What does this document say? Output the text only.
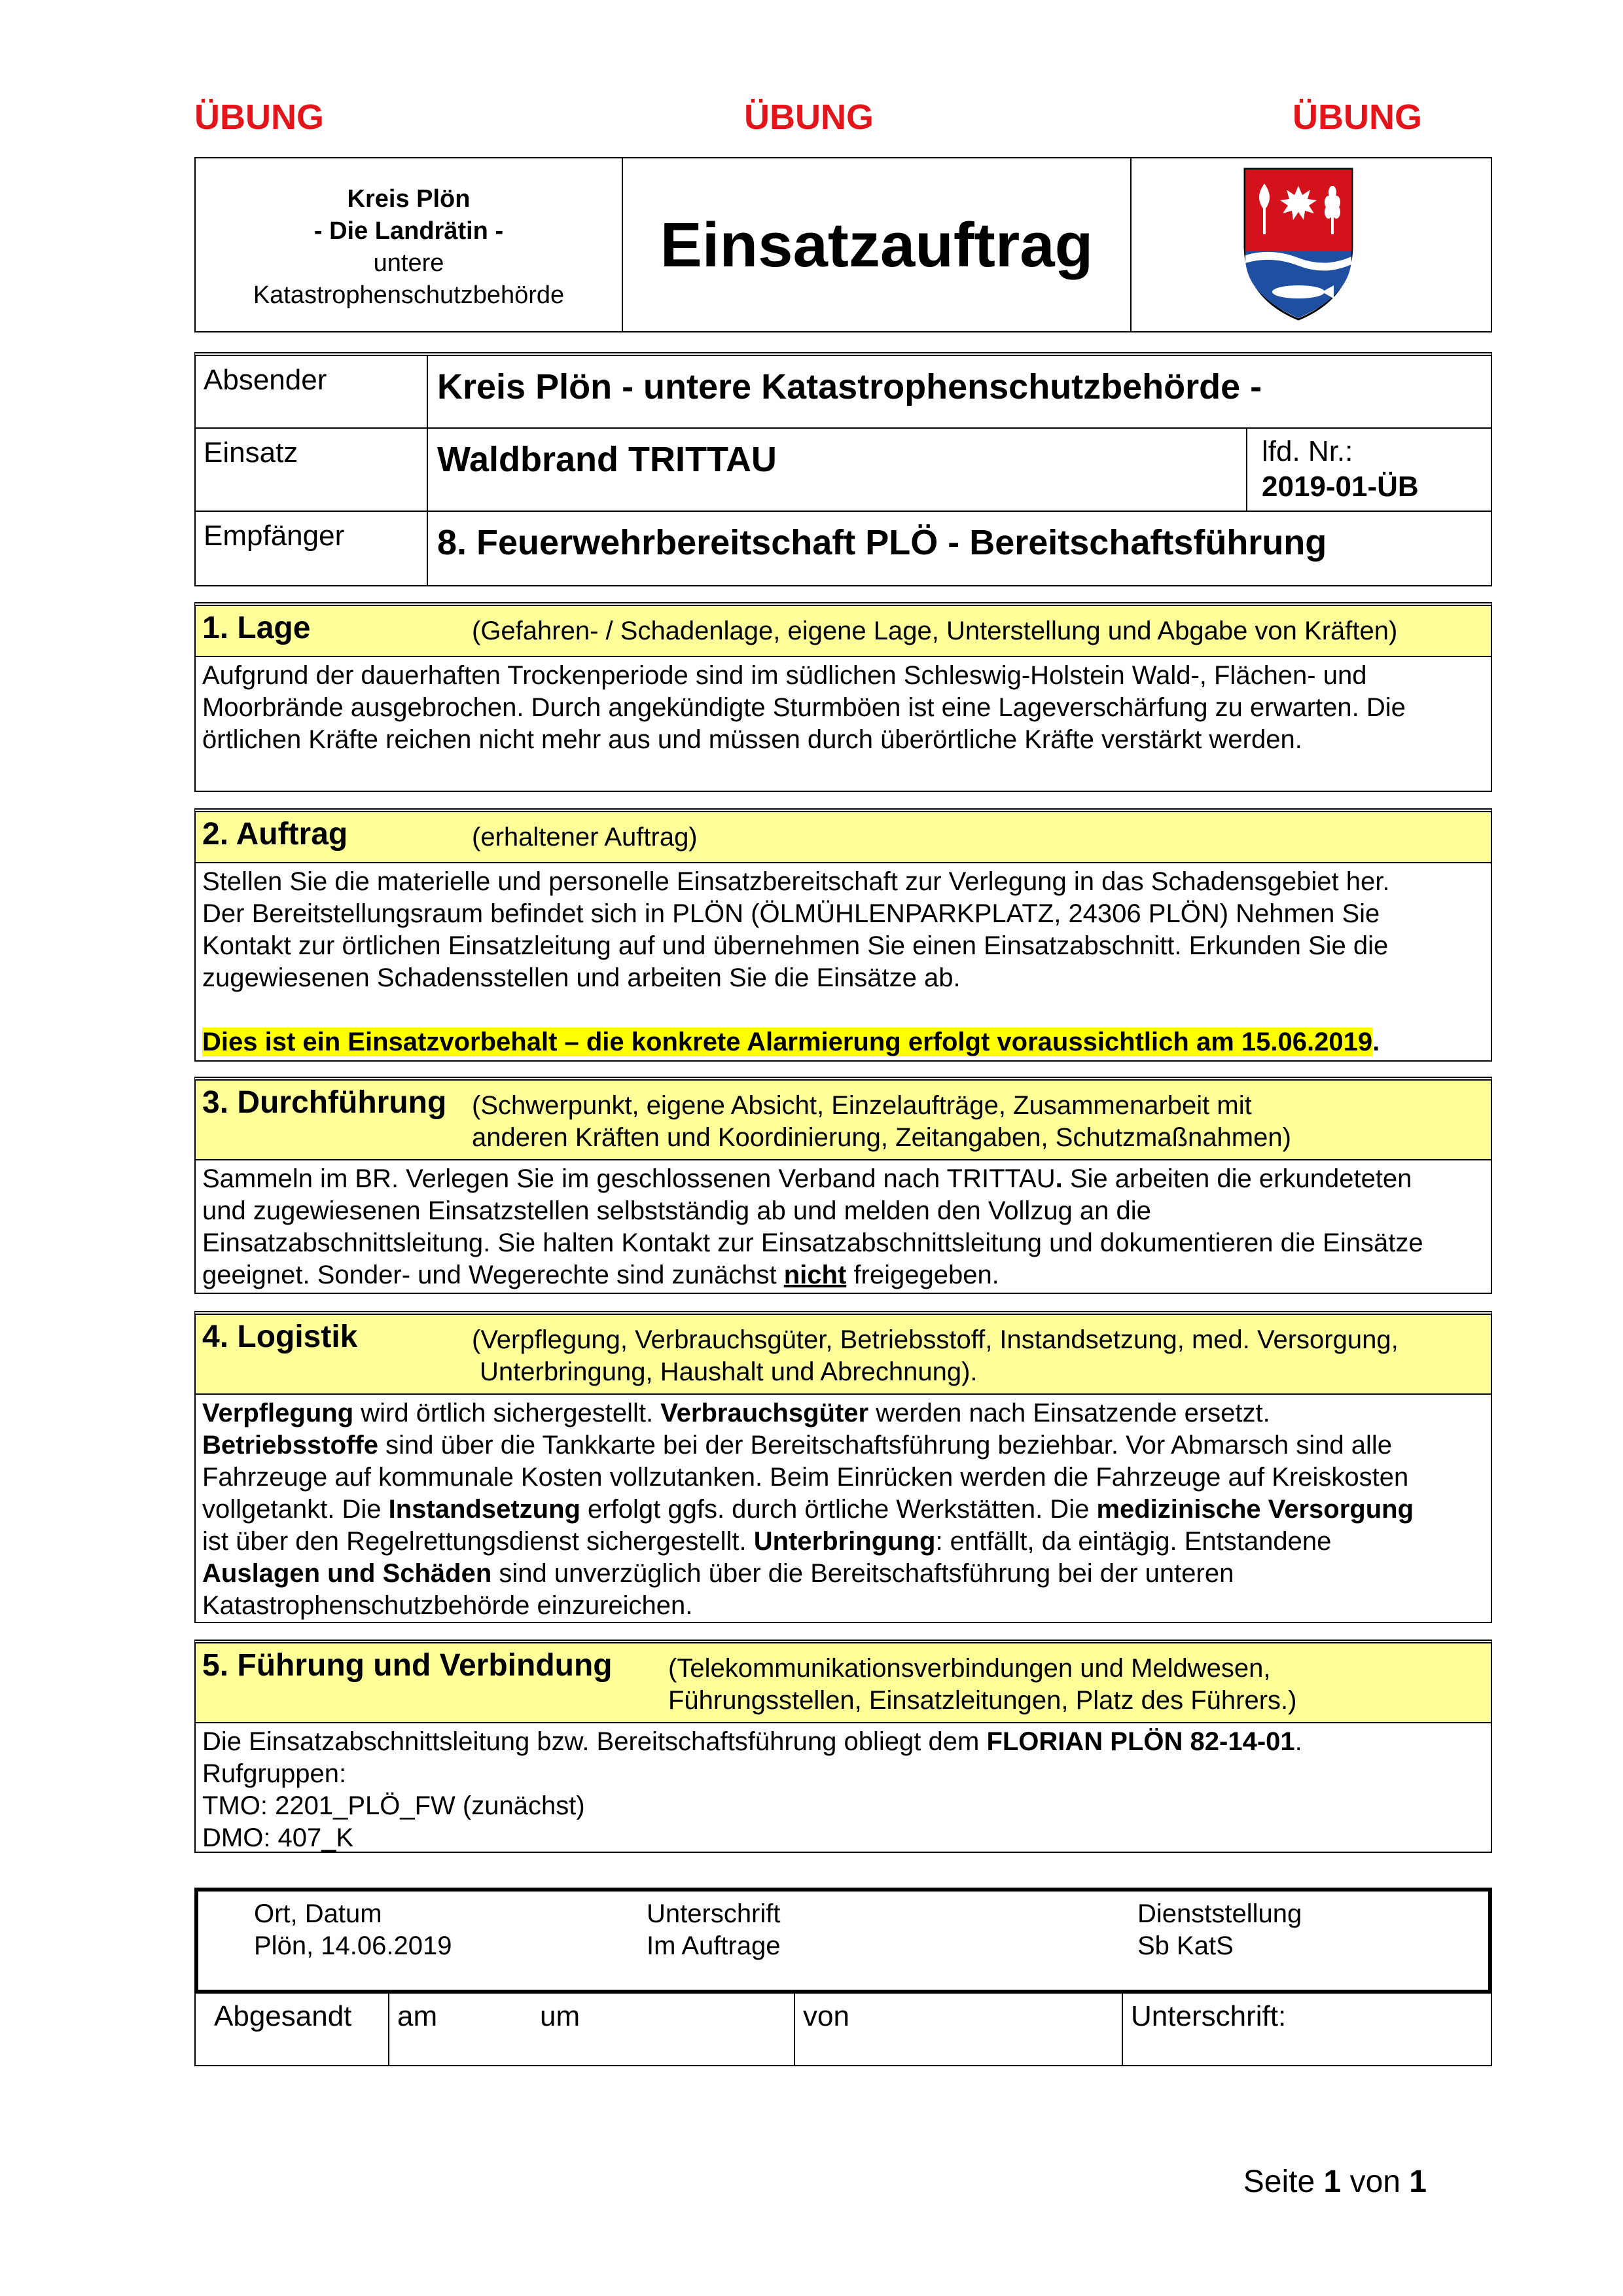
ÜBUNG	ÜBUNG	ÜBUNG
Kreis Plön
- Die Landrätin -
untere
Katastrophenschutzbehörde
Einsatzauftrag
Absender	Kreis Plön - untere Katastrophenschutzbehörde -
Einsatz	Waldbrand TRITTAU	lfd. Nr.:
2019-01-ÜB
Empfänger	8. Feuerwehrbereitschaft PLÖ - Bereitschaftsführung
1. Lage	(Gefahren- / Schadenlage, eigene Lage, Unterstellung und Abgabe von Kräften)
Aufgrund der dauerhaften Trockenperiode sind im südlichen Schleswig-Holstein Wald-, Flächen- und
Moorbrände ausgebrochen. Durch angekündigte Sturmböen ist eine Lageverschärfung zu erwarten. Die
örtlichen Kräfte reichen nicht mehr aus und müssen durch überörtliche Kräfte verstärkt werden.
2. Auftrag	(erhaltener Auftrag)
Stellen Sie die materielle und personelle Einsatzbereitschaft zur Verlegung in das Schadensgebiet her.
Der Bereitstellungsraum befindet sich in PLÖN (ÖLMÜHLENPARKPLATZ, 24306 PLÖN) Nehmen Sie
Kontakt zur örtlichen Einsatzleitung auf und übernehmen Sie einen Einsatzabschnitt. Erkunden Sie die
zugewiesenen Schadensstellen und arbeiten Sie die Einsätze ab.
Dies ist ein Einsatzvorbehalt – die konkrete Alarmierung erfolgt voraussichtlich am 15.06.2019.
3. Durchführung (Schwerpunkt, eigene Absicht, Einzelaufträge, Zusammenarbeit mit
anderen Kräften und Koordinierung, Zeitangaben, Schutzmaßnahmen)
Sammeln im BR. Verlegen Sie im geschlossenen Verband nach TRITTAU. Sie arbeiten die erkundeteten
und zugewiesenen Einsatzstellen selbstständig ab und melden den Vollzug an die
Einsatzabschnittsleitung. Sie halten Kontakt zur Einsatzabschnittsleitung und dokumentieren die Einsätze
geeignet. Sonder- und Wegerechte sind zunächst nicht freigegeben.
4. Logistik	(Verpflegung, Verbrauchsgüter, Betriebsstoff, Instandsetzung, med. Versorgung,
Unterbringung, Haushalt und Abrechnung).
Verpflegung wird örtlich sichergestellt. Verbrauchsgüter werden nach Einsatzende ersetzt.
Betriebsstoffe sind über die Tankkarte bei der Bereitschaftsführung beziehbar. Vor Abmarsch sind alle
Fahrzeuge auf kommunale Kosten vollzutanken. Beim Einrücken werden die Fahrzeuge auf Kreiskosten
vollgetankt. Die Instandsetzung erfolgt ggfs. durch örtliche Werkstätten. Die medizinische Versorgung
ist über den Regelrettungsdienst sichergestellt. Unterbringung: entfällt, da eintägig. Entstandene
Auslagen und Schäden sind unverzüglich über die Bereitschaftsführung bei der unteren
Katastrophenschutzbehörde einzureichen.
5. Führung und Verbindung (Telekommunikationsverbindungen und Meldwesen,
Führungsstellen, Einsatzleitungen, Platz des Führers.)
Die Einsatzabschnittsleitung bzw. Bereitschaftsführung obliegt dem FLORIAN PLÖN 82-14-01.
Rufgruppen:
TMO: 2201_PLÖ_FW (zunächst)
DMO: 407_K
Ort, Datum
Plön, 14.06.2019
Unterschrift
Im Auftrage
Dienststellung
Sb KatS
Abgesandt	am	um	von	Unterschrift:
Seite 1 von 1
